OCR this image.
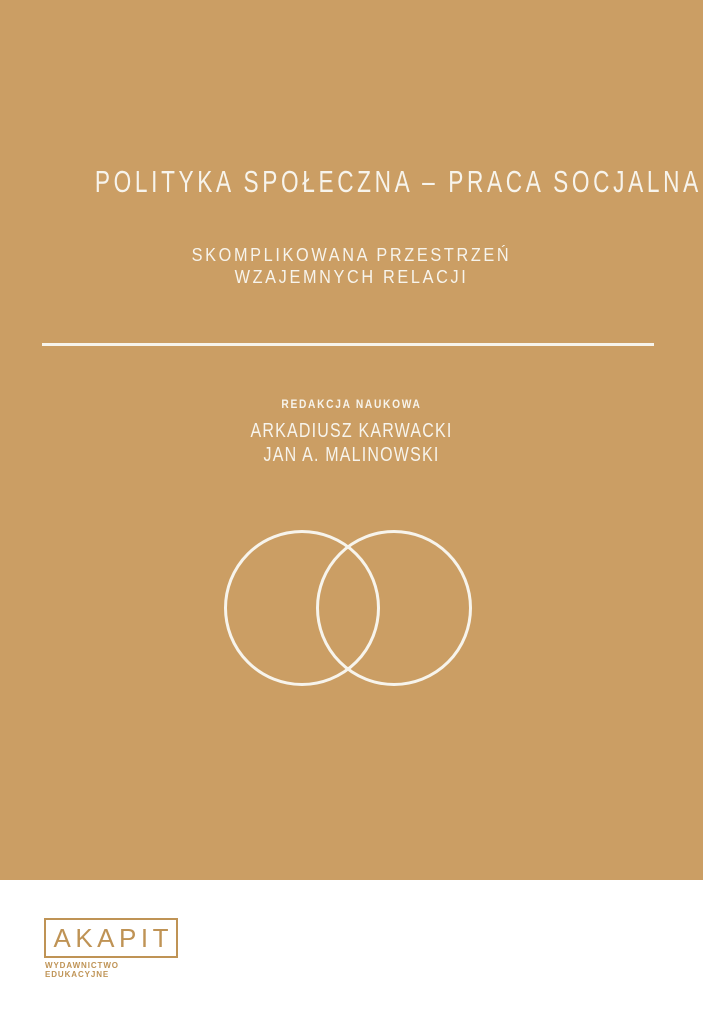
POLITYKA SPOŁECZNA – PRACA SOCJALNA
SKOMPLIKOWANA PRZESTRZEŃ
WZAJEMNYCH RELACJI
REDAKCJA NAUKOWA
ARKADIUSZ KARWACKI
JAN A. MALINOWSKI
AKAPIT
WYDAWNICTWO
EDUKACYJNE
